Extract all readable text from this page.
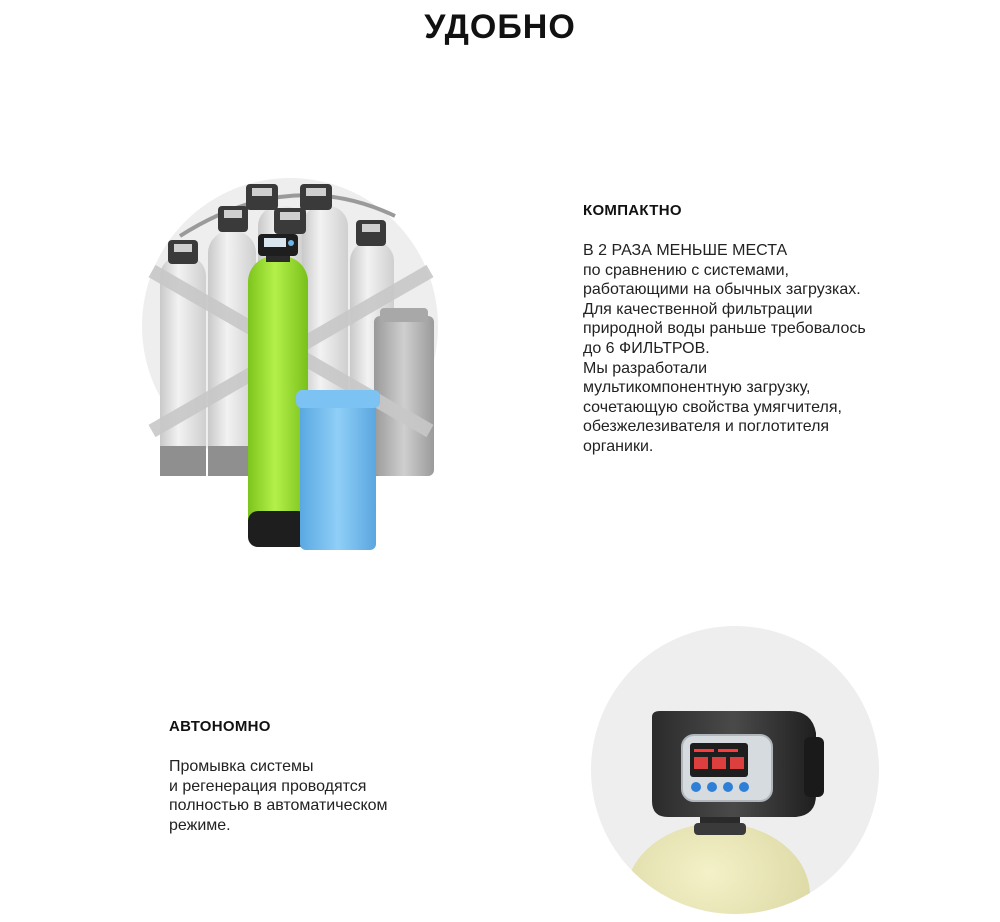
УДОБНО
КОМПАКТНО
В 2 РАЗА МЕНЬШЕ МЕСТА
по сравнению с системами,
работающими на обычных загрузках.
Для качественной фильтрации
природной воды раньше требовалось
до 6 ФИЛЬТРОВ.
Мы разработали
мультикомпонентную загрузку,
сочетающую свойства умягчителя,
обезжелезивателя и поглотителя
органики.
АВТОНОМНО
Промывка системы
и регенерация проводятся
полностью в автоматическом
режиме.
